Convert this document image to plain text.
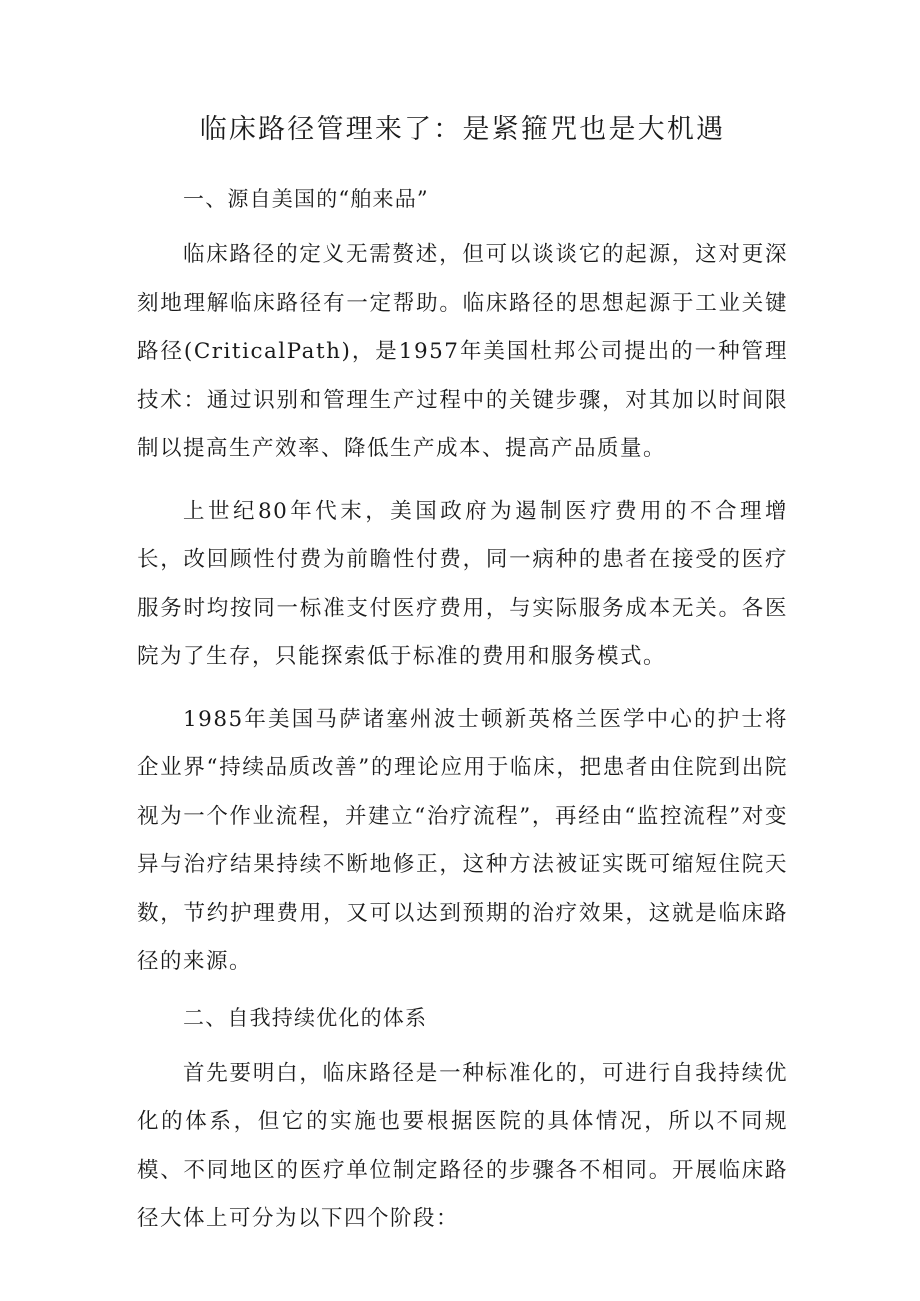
临床路径管理来了：是紧箍咒也是大机遇
一、源自美国的“舶来品”

临床路径的定义无需赘述，但可以谈谈它的起源，这对更深刻地理解临床路径有一定帮助。临床路径的思想起源于工业关键路径(CriticalPath)，是1957年美国杜邦公司提出的一种管理技术：通过识别和管理生产过程中的关键步骤，对其加以时间限制以提高生产效率、降低生产成本、提高产品质量。

上世纪80年代末，美国政府为遏制医疗费用的不合理增长，改回顾性付费为前瞻性付费，同一病种的患者在接受的医疗服务时均按同一标准支付医疗费用，与实际服务成本无关。各医院为了生存，只能探索低于标准的费用和服务模式。

1985年美国马萨诸塞州波士顿新英格兰医学中心的护士将企业界“持续品质改善”的理论应用于临床，把患者由住院到出院视为一个作业流程，并建立“治疗流程”，再经由“监控流程”对变异与治疗结果持续不断地修正，这种方法被证实既可缩短住院天数，节约护理费用，又可以达到预期的治疗效果，这就是临床路径的来源。

二、自我持续优化的体系

首先要明白，临床路径是一种标准化的，可进行自我持续优化的体系，但它的实施也要根据医院的具体情况，所以不同规模、不同地区的医疗单位制定路径的步骤各不相同。开展临床路径大体上可分为以下四个阶段：
